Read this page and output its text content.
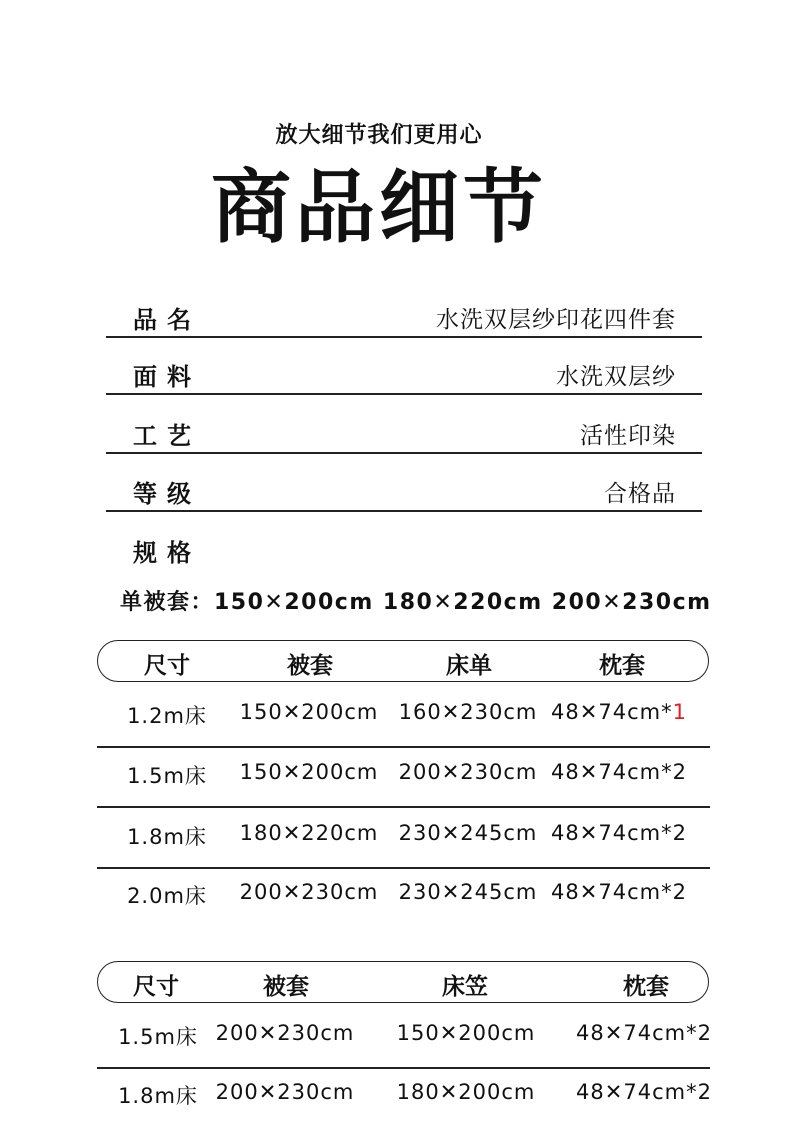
放大细节我们更用心
商品细节
品名	水洗双层纱印花四件套
面料	水洗双层纱
工艺	活性印染
等级	合格品
规格
单被套：150✕200cm 180✕220cm 200✕230cm
尺寸	被套	床单	枕套
1.2m床 150✕200cm 160✕230cm 48✕74cm*1
1.5m床 150✕200cm 200✕230cm 48✕74cm*2
1.8m床 180✕220cm 230✕245cm 48✕74cm*2
2.0m床 200✕230cm 230✕245cm 48✕74cm*2
尺寸	被套	床笠	枕套
1.5m床 200✕230cm 150✕200cm 48✕74cm*2
1.8m床 200✕230cm 180✕200cm 48✕74cm*2
